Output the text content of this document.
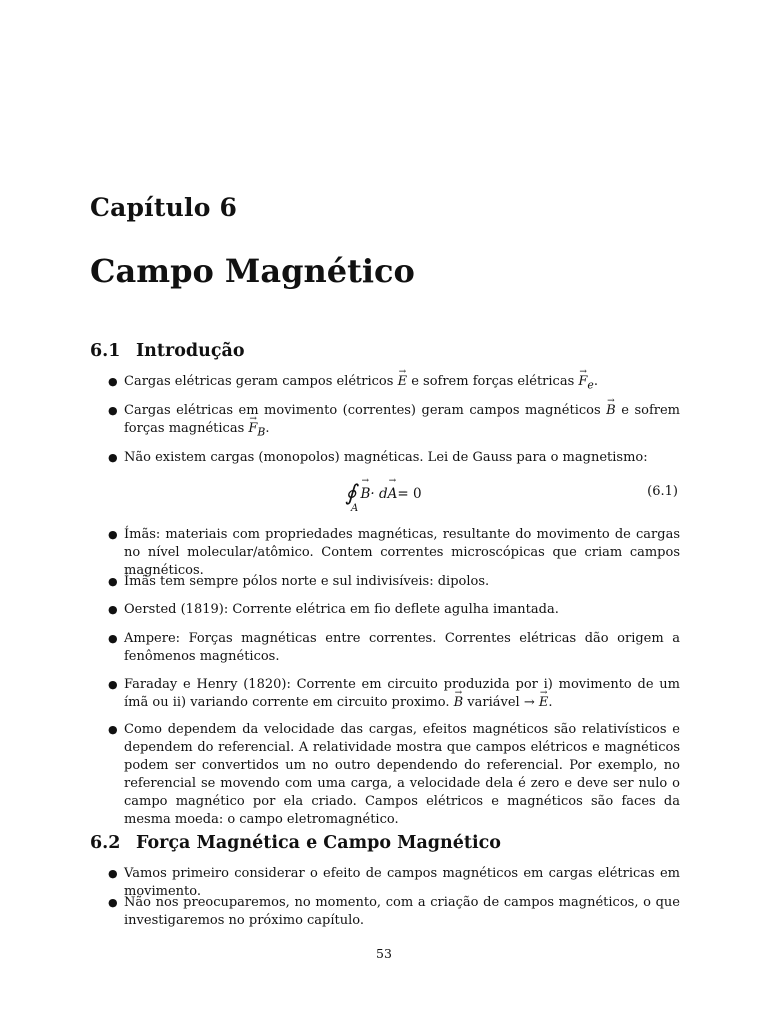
Capítulo 6
Campo Magnético
6.1 Introdução
● Cargas elétricas geram campos elétricos → E e sofrem forças elétricas → $F_e$.
● Cargas elétricas em movimento (correntes) geram campos magnéticos → B e sofrem forças magnéticas → $F_B$.
● Não existem cargas (monopolos) magnéticas. Lei de Gauss para o magnetismo:
∮
A
→ B · d
→ A = 0	(6.1)
● Ímãs: materiais com propriedades magnéticas, resultante do movimento de cargas no nível molecular/atômico. Contem correntes microscópicas que criam campos magnéticos.
● Ímãs tem sempre pólos norte e sul indivisíveis: dipolos.
● Oersted (1819): Corrente elétrica em fio deflete agulha imantada.
● Ampere: Forças magnéticas entre correntes. Correntes elétricas dão origem a fenômenos magnéticos.
● Faraday e Henry (1820): Corrente em circuito produzida por i) movimento de um ímã ou ii) variando corrente em circuito proximo. → B variável → → E.
● Como dependem da velocidade das cargas, efeitos magnéticos são relativísticos e dependem do referencial. A relatividade mostra que campos elétricos e magnéticos podem ser convertidos um no outro dependendo do referencial. Por exemplo, no referencial se movendo com uma carga, a velocidade dela é zero e deve ser nulo o campo magnético por ela criado. Campos elétricos e magnéticos são faces da mesma moeda: o campo eletromagnético.
6.2 Força Magnética e Campo Magnético
● Vamos primeiro considerar o efeito de campos magnéticos em cargas elétricas em movimento.
● Não nos preocuparemos, no momento, com a criação de campos magnéticos, o que investigaremos no próximo capítulo.
53
